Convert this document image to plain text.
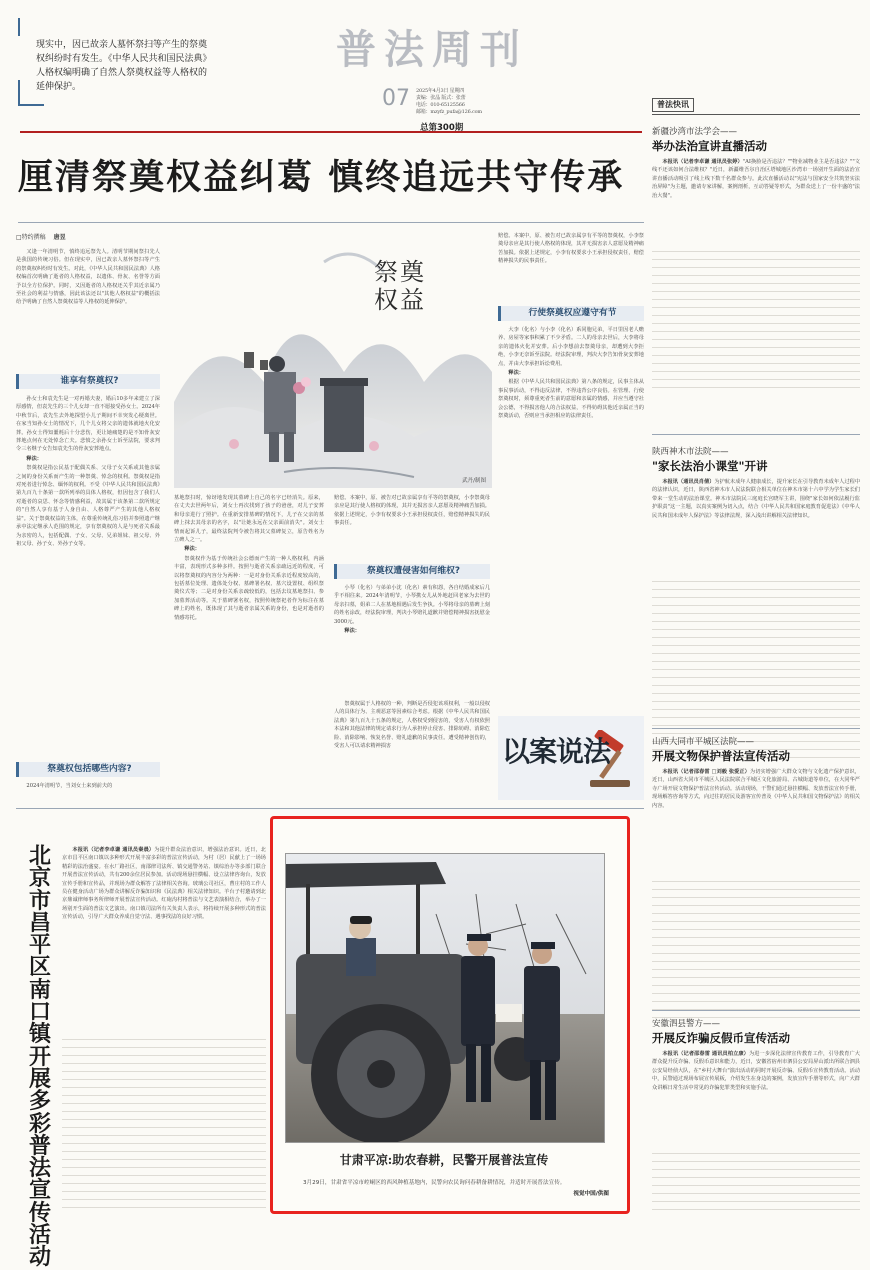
现实中，因已故亲人墓怀祭扫等产生的祭奠权纠纷时有发生。《中华人民共和国民法典》人格权编明确了自然人祭奠权益等人格权的延伸保护。
普法周刊
07 2025年4月3日 星期四
责编：张晶 版式：张蕾
电话：010-65125566
邮箱：mzyfz_pufa@126.com
总第300期
厘清祭奠权益纠葛 慎终追远共守传承
□特约撰稿 唐昱

又逢一年清明节，慎终追远祭先人。清明节期间祭扫先人是我国的传统习俗。但在现实中，因已故亲人墓怀祭扫等产生的祭奠权纠纷时有发生。对此，《中华人民共和国民法典》人格权编首次明确了逝者的人格权益，以遗体、骨灰、名誉等方面予以全方位保护。同时，又因逝者的人格权还关乎其近亲属乃至社会的利益与情感，因此该法还以"其他人格权益"的概括法给予明确了自然人祭奠权益等人格权的延伸保护。

谁享有祭奠权?

孙女士和袁先生是一对再婚夫妻，婚后10多年来建立了深厚感情，但袁先生的三个儿女却一直不愿接受孙女士。2024年中秋节后，袁先生去外地探望小儿子期间不幸突发心梗离世。在家当知孙女士的情况下，几个儿女将父亲的遗体就地火化安葬。孙女士得知噩耗后十分悲伤，更让她痛楚的是不知骨灰安葬地点何在无处悼念亡夫。悲愤之余孙女士诉至法院，要求判令三名继子女告知袁先生的骨灰安葬地点。

释法：

祭奠权是指公民基于配偶关系、父母子女关系或其他亲属之间的身份关系而产生的一种祭奠、悼念的权利。祭奠权是指对死者进行悼念、缅怀的权利。不受《中华人民共和国民法典》第九百九十条第一款所列举的具体人格权，但因包含了我们人对逝者的哀思、怀念等情感利益，故其属于该条第二款所规定的"自然人享有基于人身自由、人格尊严产生的其他人格权益"。关于祭奠权益的主体，在尊重传统礼俗习俗并参照遗产继承中法定继承人范围的规定，享有祭奠权的人是与死者关系最为亲密的人，包括配偶、子女、父母、兄弟姐妹、祖父母、外祖父母、孙子女、外孙子女等。

祭奠权包括哪些内容?

2024年清明节，当刘女士来到前夫的

祭奠权益
武丹/制图

墓地祭扫时，惊讶地发现其墓碑上自己的名字已经消失。原来，在丈夫去世两年后，刘女士再次找到了孩子的爸爸，对儿子安葬和母亲进行了照护。在重新安排墓碑的情况下，儿子在父亲的墓碑上抹去其母亲的名字，以"让她永远在父亲面前消失"。刘女士情而起诉儿子，最终法院判令被告将其父墓碑复立，原告姓名为立碑人之一。

释法：

祭奠权作为基于传统社会公德而产生的一种人格权利，内涵丰富，表现形式多种多样。按照与逝者关系亲疏远近的程度，可以将祭奠权的内容分为两种：一是对身份关系亲近程度较高的，包括墓位处理、遗体处分权、墓碑署名权、墓穴设置权、组织祭奠仪式等；二是对身份关系亲疏较低的，包括去坟墓地祭扫、参加墓葬活动等。关于墓碑署名权，按照传统祭祀者作为标注在墓碑上的姓名，既体现了其与逝者亲属关系的身份，也是对逝者的情感寄托。

赔偿。本案中，原、被告对已故亲属享有平等的祭奠权，小李祭奠母亲应是其行使人格权的体现，其并无损害亲人意愿及精神痛苦加损。依据上述规定，小李有权要求小王承担侵权责任，赔偿精神损失的民事责任。

祭奠权遭侵害如何维权?

小琴（化名）与弟弟小沈（化名）素有积怨，各自结婚成家后几乎不相往来。2024年清明节，小琴携女儿从外地赶回老家为去世的母亲扫墓，姐弟二人在墓地相遇后发生争执。小琴将母亲的墓碑上刻的姓名涂改，经法院审理，判决小琴赔礼道歉并赔偿精神损害抚慰金3000元。

释法：

祭奠权属于人格权的一种，判断是否侵犯该项权利，一般以侵权人的具体行为、主观恶意等因素综合考虑。根据《中华人民共和国民法典》第九百九十五条的规定，人格权受到侵害的，受害人有权依照本法和其他法律的规定请求行为人承担停止侵害、排除妨碍、消除危险、消除影响、恢复名誉、赔礼道歉的民事责任。遭受精神创伤的，受害人可以请求精神损害

赔偿。本案中，原、被告对已故亲属享有平等的祭奠权，小李祭奠母亲应是其行使人格权的体现，其并无损害亲人意愿及精神痛苦加损。依据上述规定，小李有权要求小王承担侵权责任，赔偿精神损失的民事责任。

行使祭奠权应遵守有节

大李（化名）与小李（化名）系同胞兄弟，平日里因老人赡养、房屋等家事积累了不少矛盾。二人的母亲去世后，大李将母亲的遗体火化并安葬。后小李想前去祭奠母亲，却遭到大李拒绝，小李无奈诉至法院。经法院审理，判决大李告知骨灰安葬地点，并由大李承担诉讼费用。

释法：

根据《中华人民共和国民法典》第八条的规定，民事主体从事民事活动，不得违反法律，不得违背公序良俗。在管理、行使祭奠权时，须尊重死者生前的意愿和亲属的情感，并应当遵守社会公德，不得损害他人的合法权益，不得妨碍其他近亲属正当的祭奠活动，否则应当承担相应的法律责任。

以案说法
北京市昌平区南口镇开展多彩普法宣传活动

本报讯（记者李卓谦 通讯员秦晨）为提升群众法治意识，增强法治意识。近日，北京市昌平区南口镇以多种形式开展丰富多彩的普法宣传活动，为村（居）民献上了一场场精彩的法治盛宴。在水厂路社区，南邵律司法所、镇交通警务站、镇综治办等多部门联合开展普法宣传活动，共有200余位居民参加。活动现场悬挂横幅、设立法律咨询台，发放宣传手册和宣传品，并现场为群众解答了法律相关咨询。玻璃公司社区，曹庄村的工作人员在健身活动广场为群众讲解反诈骗知识和《民法典》相关法律知识。羊台子村邀请到北京鼎诚律师事务所律师开展普法宣传活动。红砲沟村将普法与文艺表演相结合，举办了一场别开生面的普法文艺演出。南口镇司法所有关负责人表示，将持续开展多种形式的普法宣传活动，引导广大群众养成自觉守法、遇事找法的良好习惯。

甘肃平凉:助农春耕，民警开展普法宣传
3月29日，甘肃省平凉市崆峒区的西风种植基地内，民警向农民询问春耕备耕情况，并适时开展普法宣传。
视觉中国/供图
普法快讯
新疆沙湾市法学会——
举办法治宣讲直播活动

本报讯（记者李卓谦 通讯员张婷）"AI换脸是否违法？""物业减物业主是否违法？""文线不还该如何合法维权？"近日，新疆维吾尔自治区塔城地区沙湾市一场别开生面的法治宣讲直播活动吸引了线上线下数千名群众参与。此次直播活动以"宪法与国家安全共筑坚实法治屏障"为主题，邀请专家讲解，案例剖析，互动答疑等形式，为群众送上了一份丰盛的"法治大餐"。

陕西神木市法院——
"家长法治小课堂"开讲

本报讯（通讯员肖倩）为护航未成年人健康成长，提升家长在引导教育未成年人过程中的法律认识，近日，陕西省神木市人民法院联合相关单位在神木市第十六中学为学生家长们带来一堂生动的法治课堂。神木市法院民三庭庭长宫晓军主讲，围绕"家长如何依法履行监护职责"这一主题，以真实案例为切入点，结合《中华人民共和国家庭教育促进法》《中华人民共和国未成年人保护法》等法律法规，深入浅出讲解相关法律知识。

山西大同市平城区法院——
开展文物保护普法宣传活动

本报讯（记者邵春雷 □刘毅 张爱正）为切实增强广大群众文物与文化遗产保护意识，近日，山西省大同市平城区人民法院联合平城区文化旅游局、古城街道等单位，在大同华严寺广场开展文物保护普法宣传活动。活动现场，干警们通过悬挂横幅、发放普法宣传手册，现场解答咨询等方式，向过往的居民及游客宣传普及《中华人民共和国文物保护法》的相关内容。

安徽泗县警方——
开展反诈骗反假币宣传活动

本报讯（记者邵春雷 通讯员柏立康）为进一步深化法律宣传教育工作，引导教育广大群众提升反诈骗、反假币意识和能力，近日，安徽省宿州市泗县公安局屏山派出所联合泗县公安局经侦大队，在"乡村大舞台"演出活动的同时开展反诈骗、反假币宣传教育活动。活动中，民警通过现场布展宣传展板，介绍发生在身边的案例，发放宣传手册等形式，向广大群众讲解日常生活中常见的诈骗犯罪类型和实施手法。
